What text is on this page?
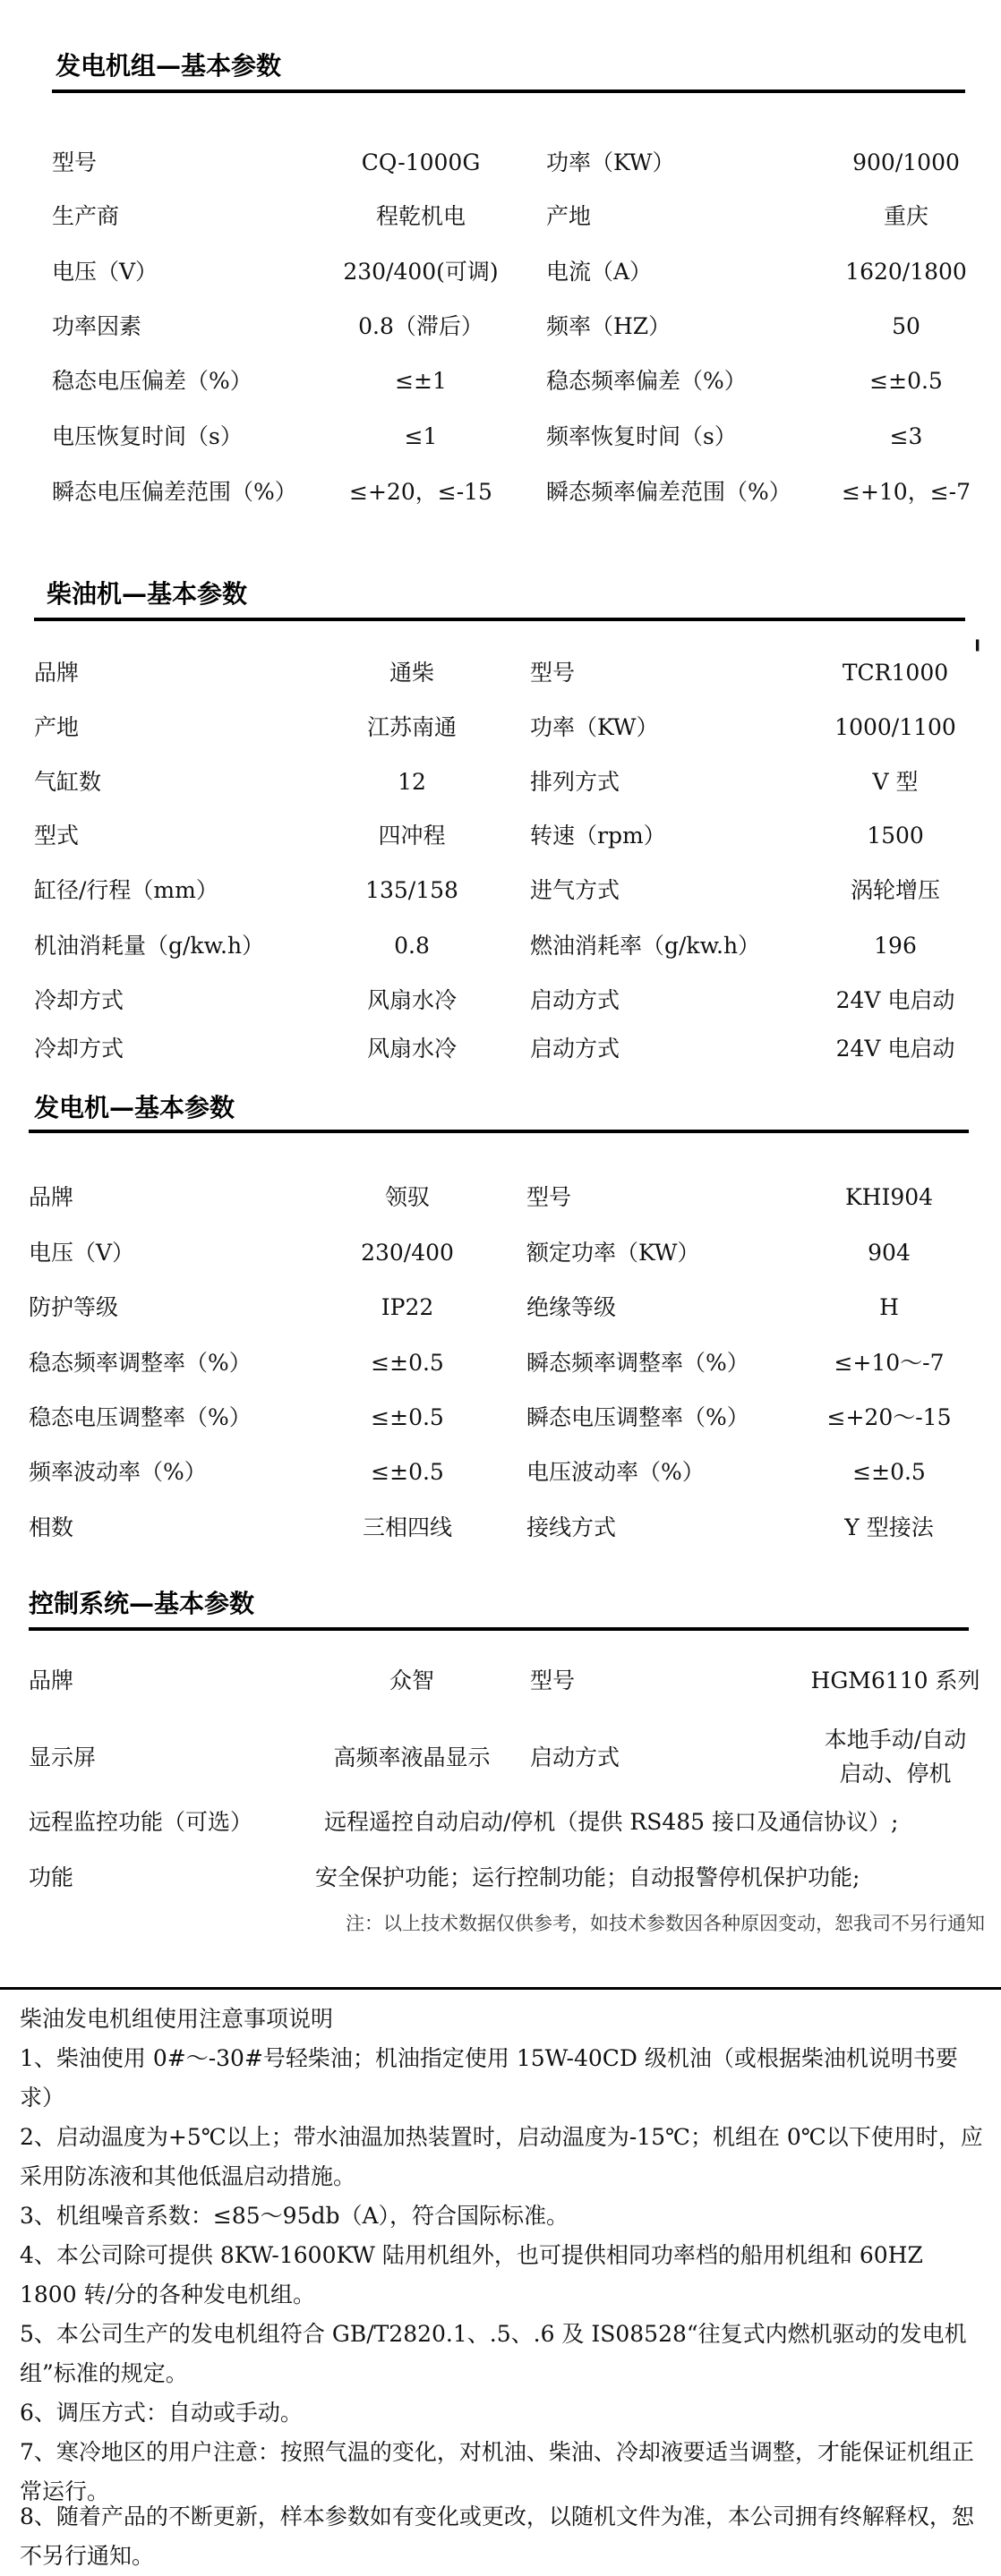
发电机组—基本参数
型号	CQ-1000G	功率（KW）	900/1000
生产商	程乾机电	产地	重庆
电压（V）	230/400(可调) 电流（A）	1620/1800
功率因素	0.8（滞后）	频率（HZ）	50
稳态电压偏差（%）	≤±1	稳态频率偏差（%）	≤±0.5
电压恢复时间（s）	≤1	频率恢复时间（s）	≤3
瞬态电压偏差范围（%） ≤+20，≤-15 瞬态频率偏差范围（%） ≤+10，≤-7
柴油机—基本参数
╹
品牌	通柴	型号	TCR1000
产地	江苏南通	功率（KW）	1000/1100
气缸数	12	排列方式	V 型
型式	四冲程	转速（rpm）	1500
缸径/行程（mm）	135/158	进气方式	涡轮增压
机油消耗量（g/kw.h）	0.8	燃油消耗率（g/kw.h）	196
冷却方式	风扇水冷	启动方式	24V 电启动
冷却方式	风扇水冷	启动方式	24V 电启动
发电机—基本参数
品牌	领驭	型号	KHI904
电压（V）	230/400	额定功率（KW）	904
防护等级	IP22	绝缘等级	H
稳态频率调整率（%）	≤±0.5	瞬态频率调整率（%）	≤+10～-7
稳态电压调整率（%）	≤±0.5	瞬态电压调整率（%）	≤+20～-15
频率波动率（%）	≤±0.5	电压波动率（%）	≤±0.5
相数	三相四线	接线方式	Y 型接法
控制系统—基本参数
品牌	众智	型号	HGM6110 系列
显示屏	高频率液晶显示 启动方式
本地手动/自动
启动、停机
远程监控功能（可选）	远程遥控自动启动/停机（提供 RS485 接口及通信协议）;
功能	安全保护功能；运行控制功能；自动报警停机保护功能;
注：以上技术数据仅供参考，如技术参数因各种原因变动，恕我司不另行通知
柴油发电机组使用注意事项说明
1、柴油使用 0#～-30#号轻柴油；机油指定使用 15W-40CD 级机油（或根据柴油机说明书要求）
2、启动温度为+5℃以上；带水油温加热装置时，启动温度为-15℃；机组在 0℃以下使用时，应采用防冻液和其他低温启动措施。
3、机组噪音系数：≤85～95db（A），符合国际标准。
4、本公司除可提供 8KW-1600KW 陆用机组外，也可提供相同功率档的船用机组和 60HZ 1800 转/分的各种发电机组。
5、本公司生产的发电机组符合 GB/T2820.1、.5、.6 及 IS08528“往复式内燃机驱动的发电机组”标准的规定。
6、调压方式：自动或手动。
7、寒冷地区的用户注意：按照气温的变化，对机油、柴油、冷却液要适当调整，才能保证机组正常运行。
8、随着产品的不断更新，样本参数如有变化或更改，以随机文件为准，本公司拥有终解释权，恕不另行通知。
